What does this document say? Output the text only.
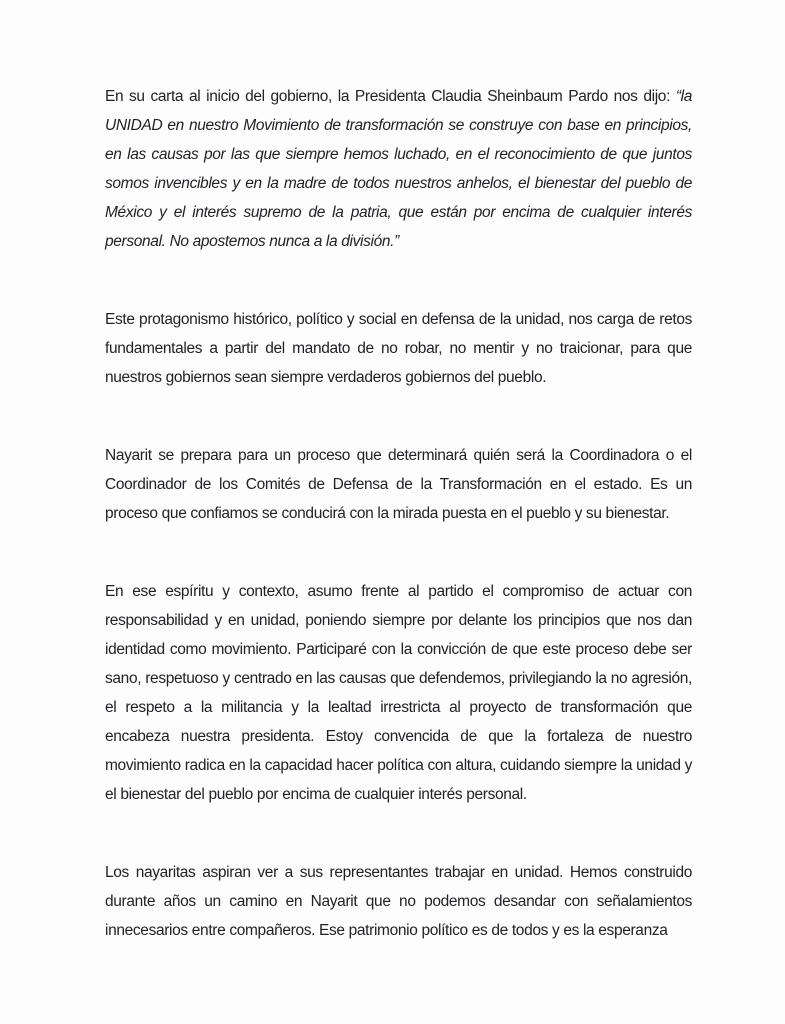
En su carta al inicio del gobierno, la Presidenta Claudia Sheinbaum Pardo nos dijo: “la UNIDAD en nuestro Movimiento de transformación se construye con base en principios, en las causas por las que siempre hemos luchado, en el reconocimiento de que juntos somos invencibles y en la madre de todos nuestros anhelos, el bienestar del pueblo de México y el interés supremo de la patria, que están por encima de cualquier interés personal. No apostemos nunca a la división.”

Este protagonismo histórico, político y social en defensa de la unidad, nos carga de retos fundamentales a partir del mandato de no robar, no mentir y no traicionar, para que nuestros gobiernos sean siempre verdaderos gobiernos del pueblo.

Nayarit se prepara para un proceso que determinará quién será la Coordinadora o el Coordinador de los Comités de Defensa de la Transformación en el estado. Es un proceso que confiamos se conducirá con la mirada puesta en el pueblo y su bienestar.

En ese espíritu y contexto, asumo frente al partido el compromiso de actuar con responsabilidad y en unidad, poniendo siempre por delante los principios que nos dan identidad como movimiento. Participaré con la convicción de que este proceso debe ser sano, respetuoso y centrado en las causas que defendemos, privilegiando la no agresión, el respeto a la militancia y la lealtad irrestricta al proyecto de transformación que encabeza nuestra presidenta. Estoy convencida de que la fortaleza de nuestro movimiento radica en la capacidad hacer política con altura, cuidando siempre la unidad y el bienestar del pueblo por encima de cualquier interés personal.

Los nayaritas aspiran ver a sus representantes trabajar en unidad. Hemos construido durante años un camino en Nayarit que no podemos desandar con señalamientos innecesarios entre compañeros. Ese patrimonio político es de todos y es la esperanza
